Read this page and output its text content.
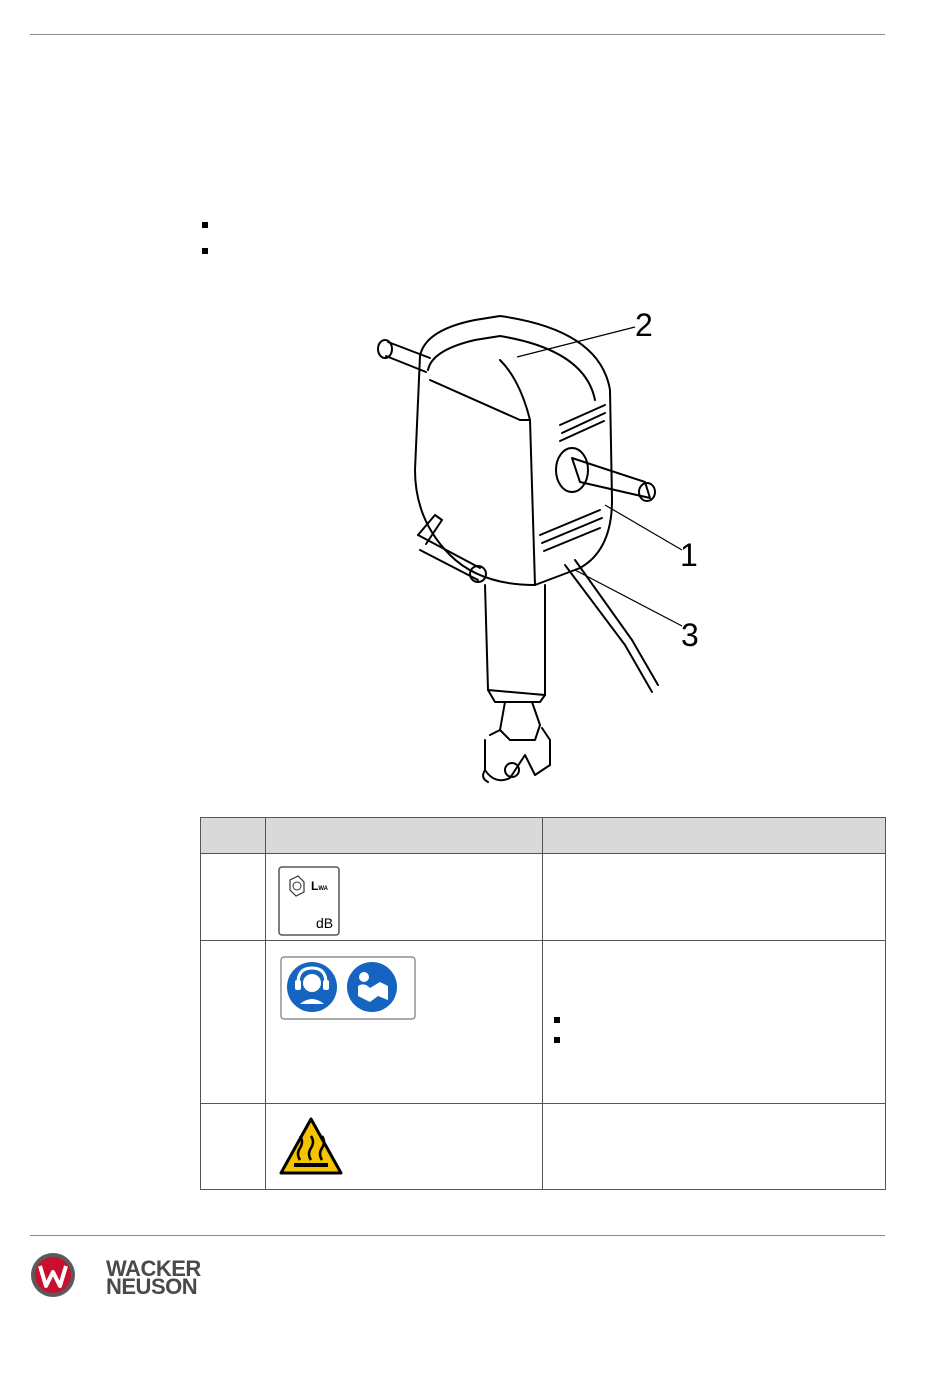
2
1
3

LWA
dB	

WACKER
NEUSON
